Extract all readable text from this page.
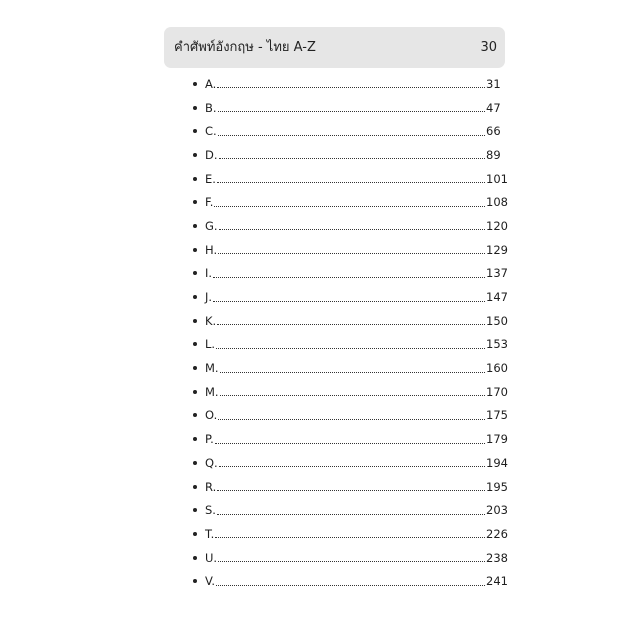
คำศัพท์อังกฤษ - ไทย A-Z	30
A.	31
B.	47
C.	66
D.	89
E.	101
F.	108
G.	120
H.	129
I.	137
J.	147
K.	150
L.	153
M.	160
M.	170
O.	175
P.	179
Q.	194
R.	195
S.	203
T.	226
U.	238
V.	241
